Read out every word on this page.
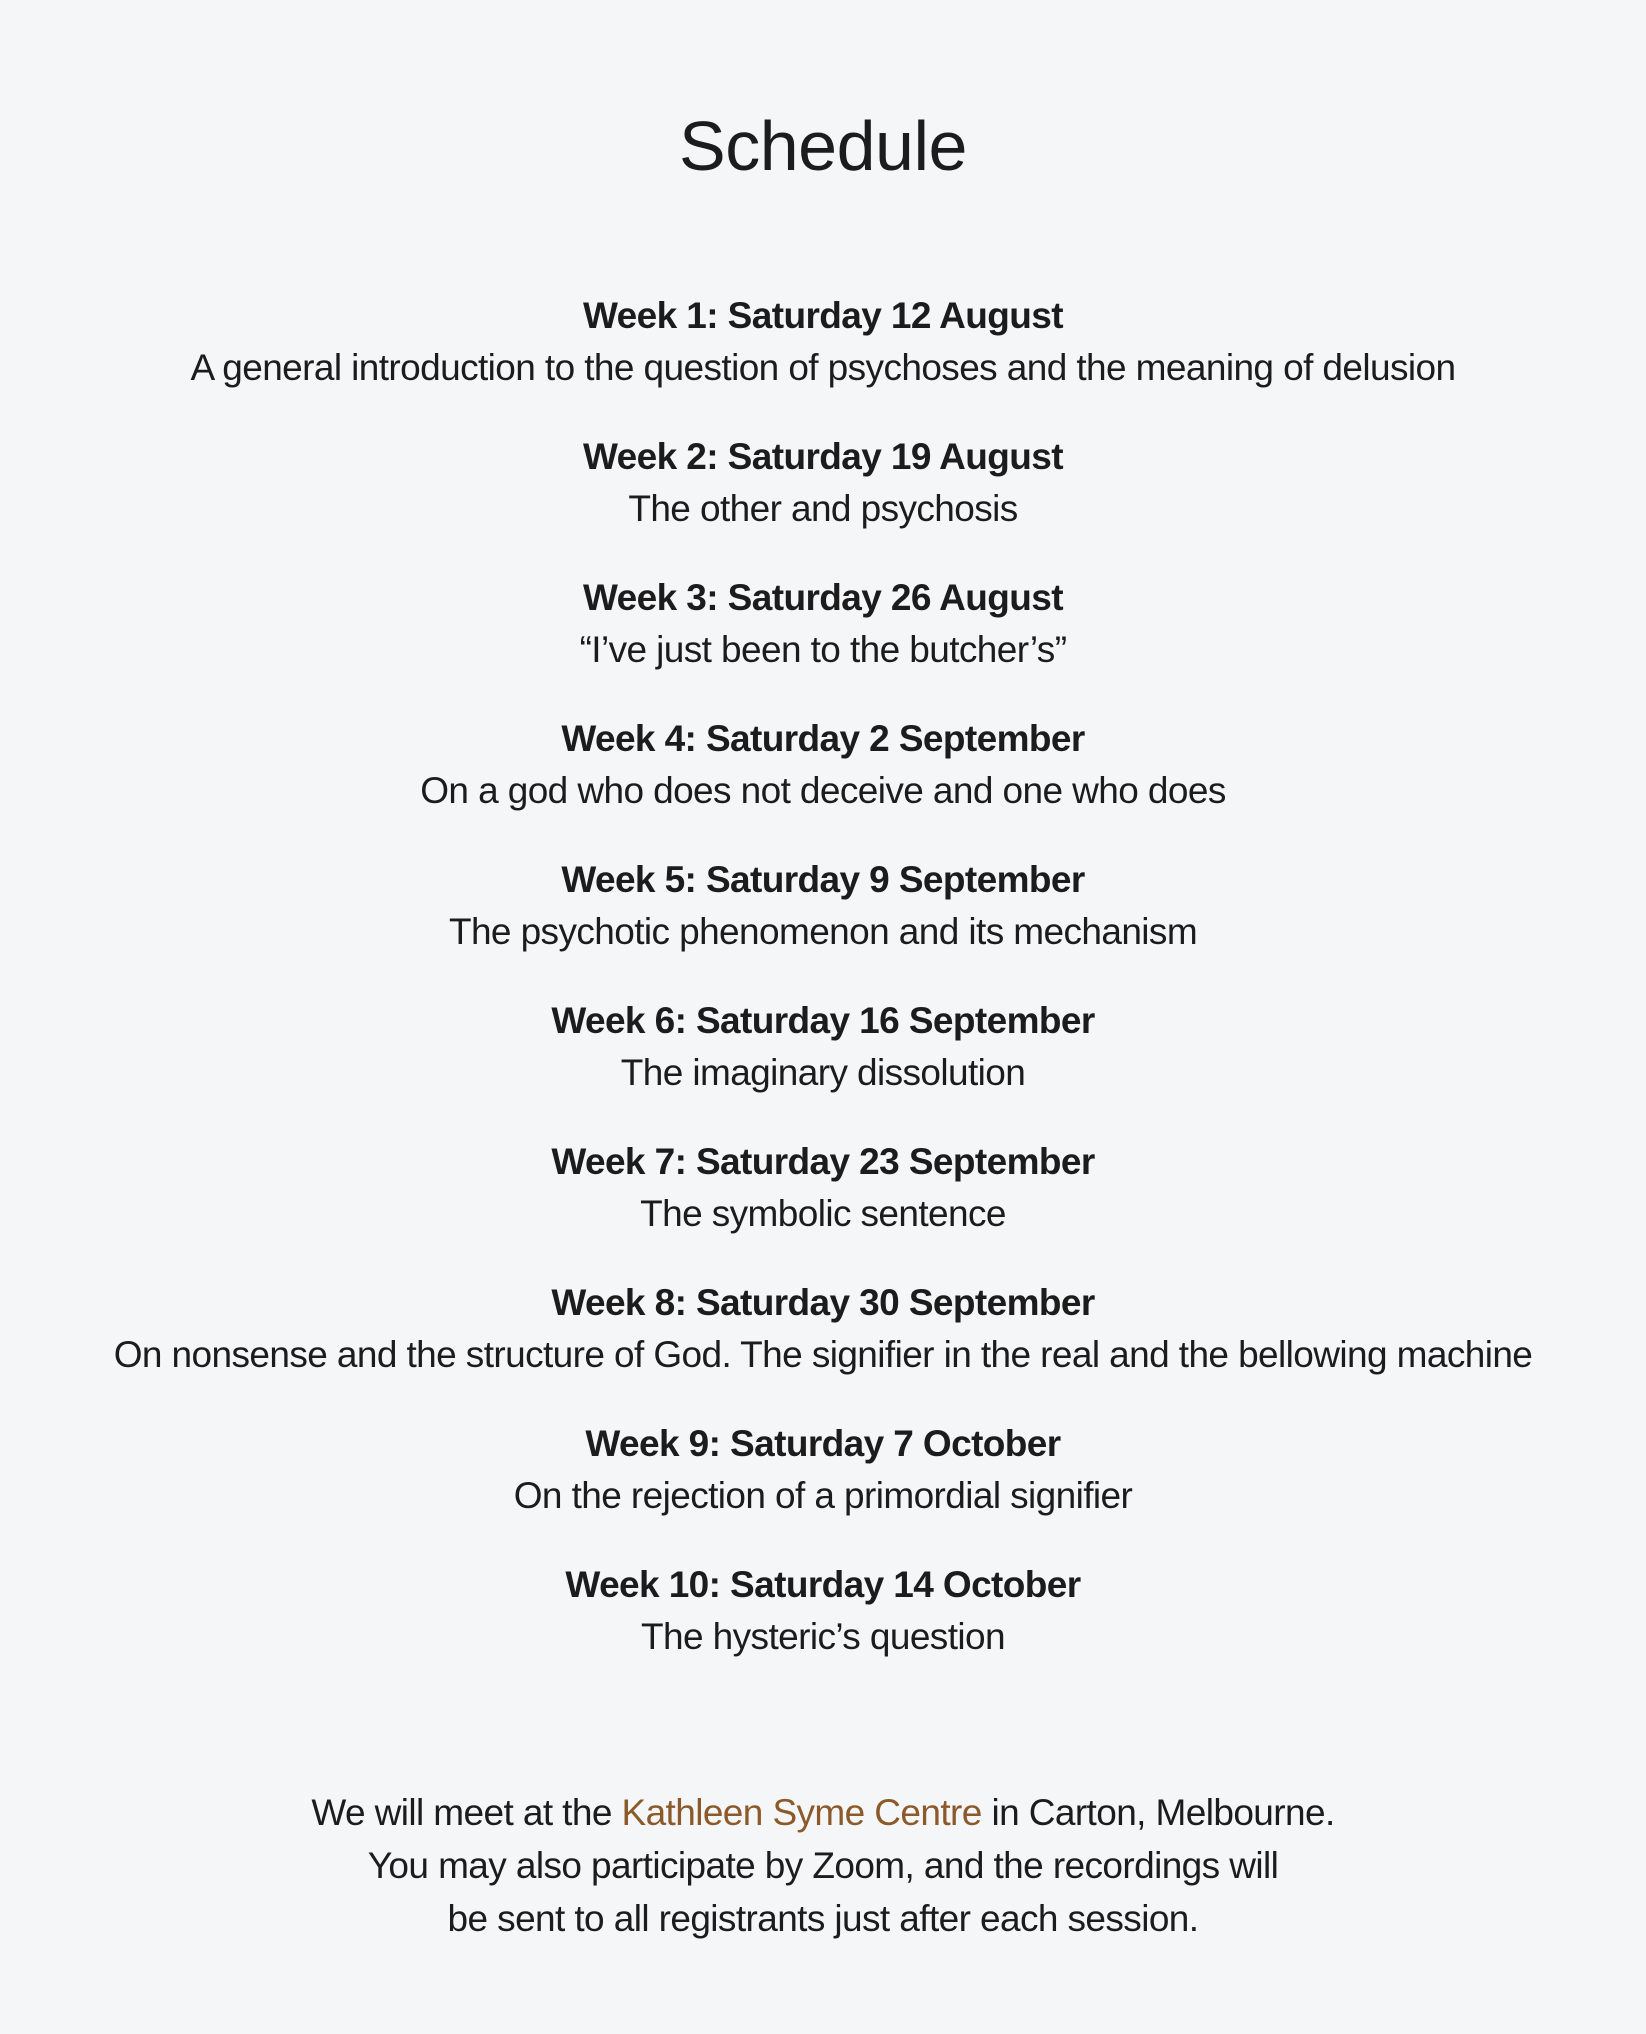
Schedule
Week 1: Saturday 12 August
A general introduction to the question of psychoses and the meaning of delusion
Week 2: Saturday 19 August
The other and psychosis
Week 3: Saturday 26 August
“I’ve just been to the butcher’s”
Week 4: Saturday 2 September
On a god who does not deceive and one who does
Week 5: Saturday 9 September
The psychotic phenomenon and its mechanism
Week 6: Saturday 16 September
The imaginary dissolution
Week 7: Saturday 23 September
The symbolic sentence
Week 8: Saturday 30 September
On nonsense and the structure of God. The signifier in the real and the bellowing machine
Week 9: Saturday 7 October
On the rejection of a primordial signifier
Week 10: Saturday 14 October
The hysteric’s question
We will meet at the Kathleen Syme Centre in Carton, Melbourne.
You may also participate by Zoom, and the recordings will
be sent to all registrants just after each session.
